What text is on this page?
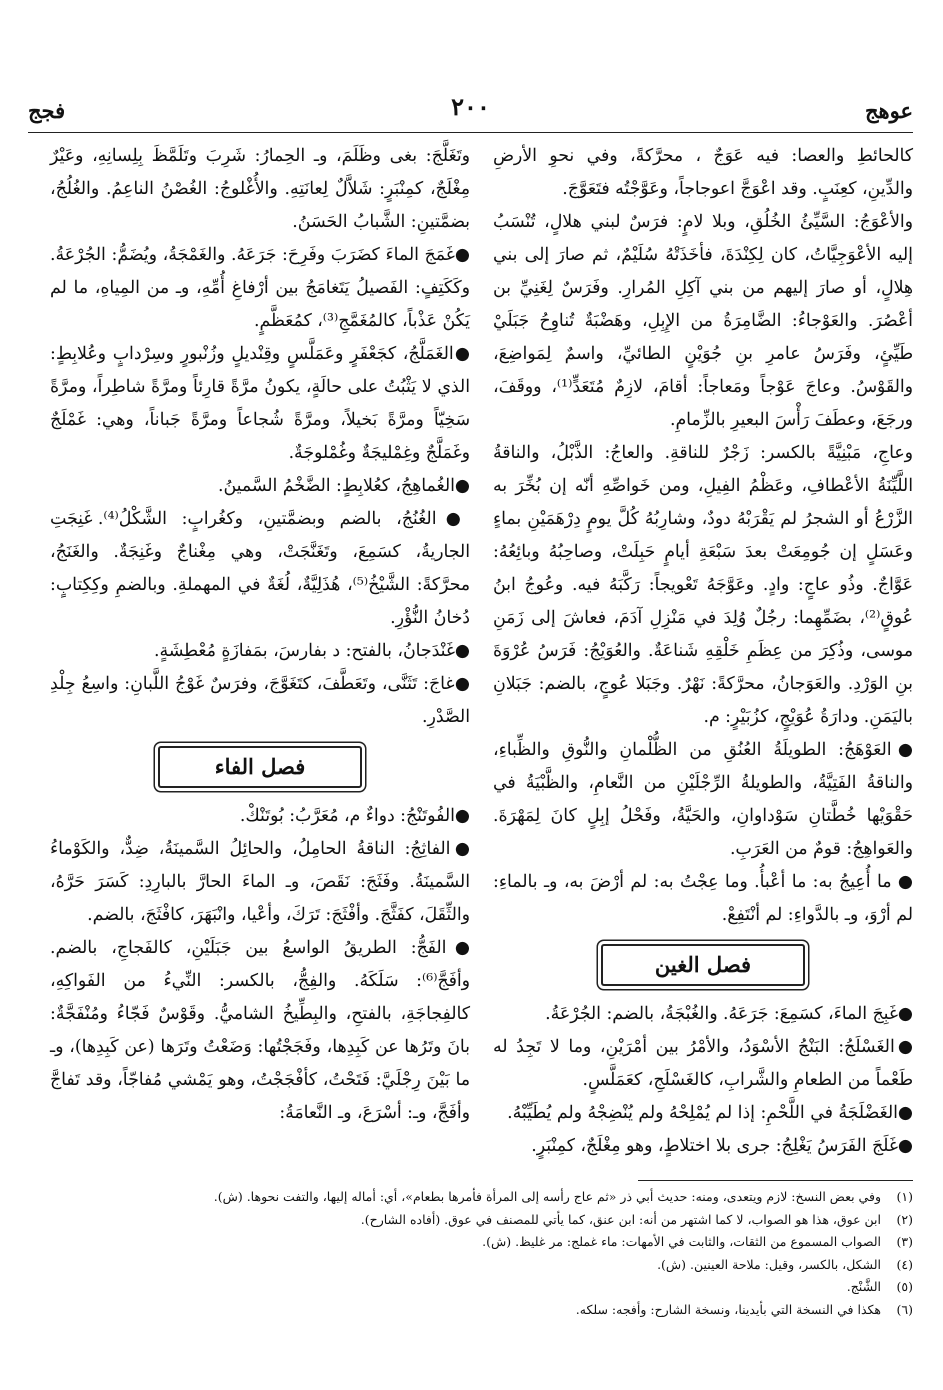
عوهج
٢٠٠
فجج

كالحائطِ والعصا: فيه عَوَجٌ ، محرَّكةً، وفي نحوِ الأرضِ والدِّينِ، كعِنَبٍ. وقد اعْوَجَّ اعوجاجاً، وعَوَّجْتُه فتَعَوَّجَ.

والأعْوَجُ: السَّيِّئُ الخُلُقِ، وبلا لامٍ: فرَسٌ لبني هلالٍ، تُنْسَبُ إليه الأعْوَجِيَّاتُ، كان لِكِنْدَةَ، فأخَذَتْهُ سُلَيْمٌ، ثم صارَ إلى بني هِلالٍ، أو صارَ إليهم من بني آكِلِ المُرارِ. وفَرَسٌ لِغَنِيِّ بن أعْصُرَ. والعَوْجاءُ: الضَّامِرَةُ من الإِبِلِ، وهَضْبَةٌ تُناوِحُ جَبَلَيْ طَيِّئٍ، وفَرَسُ عامرِ بنِ جُوَيْنٍ الطائيِّ، واسمٌ لِمَواضِعَ، والقَوْسُ. وعاجَ عَوْجاً ومَعاجاً: أقامَ، لازِمٌ مُتَعَدٍّ⁽¹⁾، ووقَفَ، ورجَعَ، وعطَفَ رَأْسَ البعيرِ بالزِّمامِ.

وعاجِ، مَبْنِيَّةً بالكسر: زَجْرٌ للناقةِ. والعاجُ: الذَّبْلُ، والناقةُ اللَّيِّنَةُ الأعْطافِ، وعَظْمُ الفِيلِ، ومن خَواصِّهِ أنّه إن بُخِّرَ به الزَّرْعُ أو الشجرُ لم يَقْرَبْهُ دودٌ، وشارِبُهُ كُلَّ يومٍ دِرْهَمَيْنِ بماءٍ وعَسَلٍ إن جُومِعَتْ بعدَ سَبْعَةِ أيامٍ حَبِلَتْ، وصاحِبُهُ وبائِعُهُ: عَوَّاجٌ. وذُو عاجٍ: وادٍ. وعَوَّجَهُ تَعْويجاً: رَكَّبَهُ فيه. وعُوجُ ابنُ عُوقٍ⁽²⁾، بضَمِّهِما: رجُلٌ وُلِدَ في مَنْزِلِ آدَمَ، فعاشَ إلى زَمَنِ موسى، وذُكِرَ من عِظَمِ خَلْقِهِ شَناعَةٌ. والعُوَيْجُ: فَرَسُ عُرْوَةَ بنِ الوَرْدِ. والعَوَجانُ، محرَّكةً: نَهْرٌ. وجَبَلا عُوجٍ، بالضم: جَبَلانِ باليَمَنِ. ودارَةُ عُوَيْجٍ، كزُبَيْرٍ: م.

●العَوْهَجُ: الطويلَةُ العُنُقِ من الظُّلْمانِ والنُّوقِ والظِّباءِ، والناقةُ الفَتِيَّةُ، والطويلةُ الرِّجْلَيْنِ من النَّعامِ، والظَّبْيَةُ في حَقْوَيْها خُطَّتانِ سَوْداوانِ، والحَيَّةُ، وفَحْلُ إبِلٍ كانَ لِمَهْرَةَ. والعَواهِجُ: قومٌ من العَرَبِ.

● ما أُعِيجُ به: ما أعْبأُ. وما عِجْتُ به: لم أرْضَ به، وـ بالماءِ: لم أرْوَ، وـ بالدَّواءِ: لم أنْتَفِعْ.

فصل الغين

●غَبِجَ الماءَ، كسَمِعَ: جَرَعَهُ. والغُبْجَةُ، بالضم: الجُرْعَةُ.

●الغَسْلَجُ: البَنْجُ الأسْوَدُ، والأمْرُ بين أمْرَيْنِ، وما لا تَجِدُ له طَعْماً من الطعامِ والشَّرابِ، كالغَسْلَجِ، كعَمَلَّسٍ.

●الغَضْلَجَةُ في اللَّحْمِ: إذا لم يُمْلِحْهُ ولم يُنْضِجْهُ ولم يُطَيِّبْهُ.

●غَلَجَ الفَرَسُ يَغْلِجُ: جرى بلا اختلاطٍ، وهو مِغْلَجٌ، كمِنْبَرٍ.

وتَغَلَّجَ: بغى وظَلَمَ، وـ الحِمارُ: شَرِبَ وتَلَمَّظَ بِلِسانِهِ، وعَيْرٌ مِغْلَجٌ، كمِنْبَرٍ: شَلاَّلٌ لِعانَتِهِ. والأُغْلوجُ: الغُصْنُ الناعِمُ. والغُلُجُ، بضمَّتينِ: الشَّبابُ الحَسَنُ.

●غَمَجَ الماءَ كضَرَبَ وفَرِحَ: جَرَعَهُ. والغَمْجَةُ، ويُضَمُّ: الجُرْعَةُ. وكَكَتِفٍ: الفَصيلُ يَتَغامَجُ بين أرْفاغِ أُمِّهِ، وـ من المِياهِ، ما لم يَكُنْ عَذْباً، كالمُغَمَّجِ⁽³⁾، كمُعَظَّمٍ.

●الغَمَلَّجُ، كجَعْفَرٍ وعَمَلَّسٍ وقِنْديلٍ وزُنْبورٍ وسِرْدابٍ وعُلابِطٍ: الذي لا يَثْبُتُ على حالَةٍ، يكونُ مرَّةً قارِئاً ومرَّةً شاطِراً، ومرَّةً سَخِيّاً ومرَّةً بَخيلاً، ومرَّةً شُجاعاً ومرَّةً جَباناً، وهي: غَمْلَجٌ وغَمَلَّجٌ وغِمْليجَةٌ وغُمْلوجَةٌ.

●الغُماهِجُ، كعُلابِطٍ: الضَّخْمُ السَّمينُ.

●الغُنُجُ، بالضم وبضمَّتينِ، وكغُرابٍ: الشَّكْلُ⁽⁴⁾. غَنِجَتِ الجاريةُ، كسَمِعَ، وتَغَنَّجَتْ، وهي مِغْناجٌ وغَنِجَةٌ. والغَنَجُ، محرَّكةً: الشَّيْخُ⁽⁵⁾، هُذَلِيَّةٌ، لُغَةٌ في المهملةِ. وبالضمِ وكِكِتابٍ: دُخانُ النُّؤْرِ.

●غَنْدَجانُ، بالفتح: د بفارسَ، بمَفازَةٍ مُعْطِشَةٍ.

●غاجَ: تَثَنَّى، وتَعَطَّفَ، كتَغَوَّجَ، وفرَسٌ غَوْجُ اللَّبانِ: واسِعُ جِلْدِ الصَّدْرِ.

فصل الفاء

●الفُوتَنْجُ: دواءٌ م، مُعَرَّبُ: بُوتَنْكْ.

●الفاثِجُ: الناقةُ الحامِلُ، والحائِلُ السَّمينَةُ، ضِدٌّ، والكَوْماءُ السَّمينَةُ. وفَثَجَ: نَقَصَ، وـ الماءَ الحارَّ بالبارِدِ: كَسَرَ حَرَّهُ، والثِّقَلَ، كفَثَّجَ. وأفْثَجَ: تَرَكَ، وأعْيا، وانْبَهَرَ، كافْثَجَ، بالضم.

●الفَجُّ: الطريقُ الواسعُ بين جَبَلَيْنِ، كالفَجاجِ، بالضم. وأفَجَّ⁽⁶⁾: سَلَكَهُ. والفِجُّ، بالكسر: النِّيءُ من الفَواكِهِ، كالفِجاجَةِ، بالفتحِ، والبِطِّيخُ الشاميُّ. وقَوْسٌ فَجّاءُ ومُنْفَجَّةٌ: بانَ وتَرُها عن كَبِدِها، وفَجَجْتُها: وَضَعْتُ وتَرَها (عن كَبِدِها)، وـ ما بَيْنَ رِجْلَيَّ: فَتَحْتُ، كأفْجَجْتُ، وهو يَمْشي مُفاجّاً، وقد تَفاجَّ وأفَجَّ، وـ: أسْرَعَ، وـ النَّعامَةُ:

(١)
وفي بعض النسخ: لازم ويتعدى، ومنه: حديث أبي ذر «ثم عاج رأسه إلى المرأة فأمرها بطعام»، أي: أماله إليها، والتفت نحوها. (ش).
(٢)
ابن عوق، هذا هو الصواب، لا كما اشتهر من أنه: ابن عنق، كما يأتي للمصنف في عوق. (أفاده الشارح).
(٣)
الصواب المسموع من الثقات، والثابت في الأمهات: ماء غملج: مر غليظ. (ش).
(٤)
الشكل، بالكسر، وقيل: ملاحة العينين. (ش).
(٥)
الشَّنْج.
(٦)
هكذا في النسخة التي بأيدينا، ونسخة الشارح: وأفجه: سلكه.
